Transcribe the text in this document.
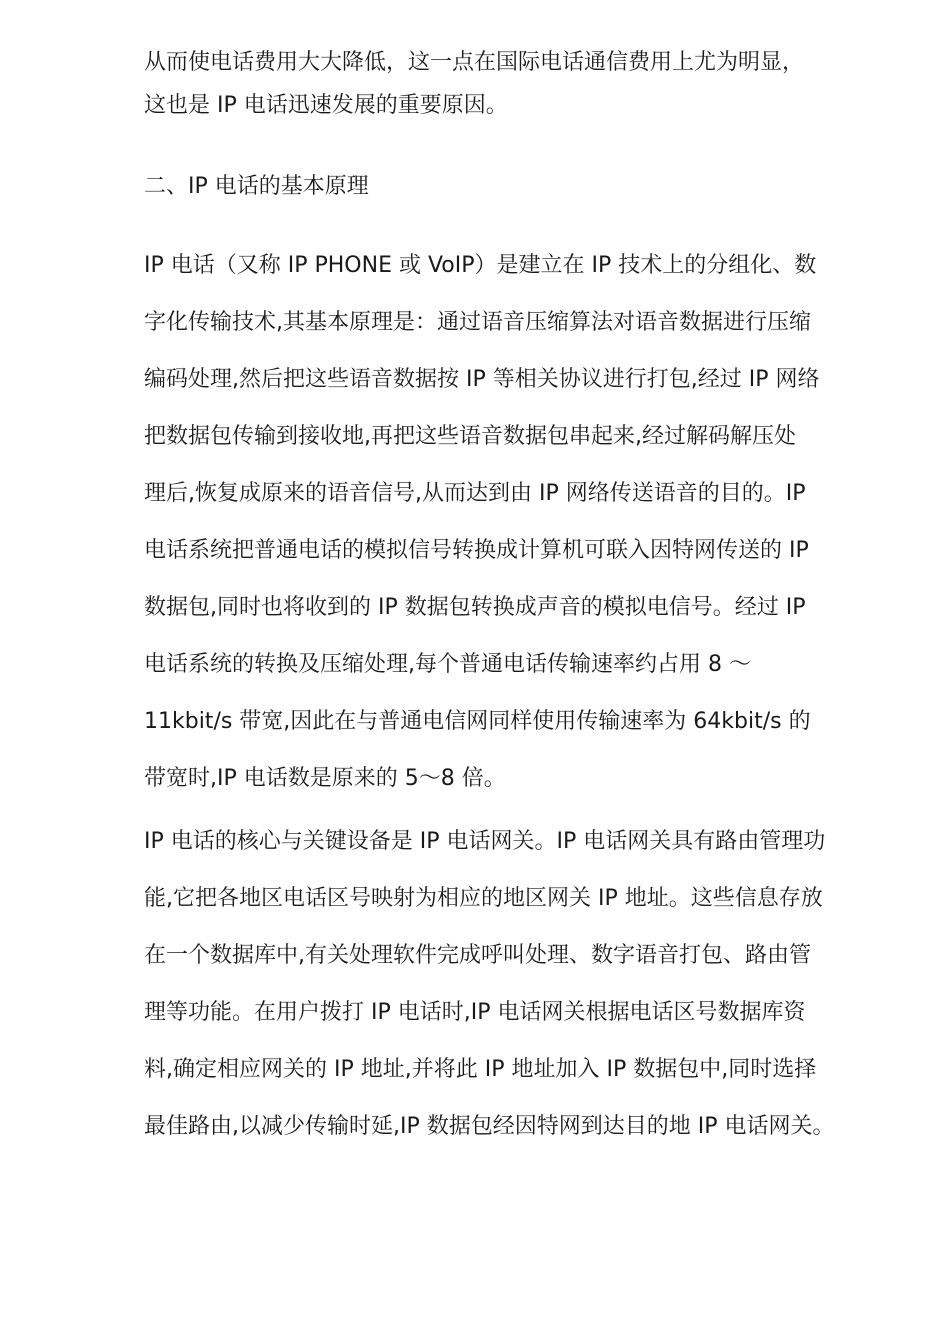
从而使电话费用大大降低，这一点在国际电话通信费用上尤为明显，
这也是 IP 电话迅速发展的重要原因。
二、IP 电话的基本原理
IP 电话（又称 IP PHONE 或 VoIP）是建立在 IP 技术上的分组化、数
字化传输技术,其基本原理是：通过语音压缩算法对语音数据进行压缩
编码处理,然后把这些语音数据按 IP 等相关协议进行打包,经过 IP 网络
把数据包传输到接收地,再把这些语音数据包串起来,经过解码解压处
理后,恢复成原来的语音信号,从而达到由 IP 网络传送语音的目的。IP
电话系统把普通电话的模拟信号转换成计算机可联入因特网传送的 IP
数据包,同时也将收到的 IP 数据包转换成声音的模拟电信号。经过 IP
电话系统的转换及压缩处理,每个普通电话传输速率约占用 8 ～
11kbit/s 带宽,因此在与普通电信网同样使用传输速率为 64kbit/s 的
带宽时,IP 电话数是原来的 5～8 倍。
IP 电话的核心与关键设备是 IP 电话网关。IP 电话网关具有路由管理功
能,它把各地区电话区号映射为相应的地区网关 IP 地址。这些信息存放
在一个数据库中,有关处理软件完成呼叫处理、数字语音打包、路由管
理等功能。在用户拨打 IP 电话时,IP 电话网关根据电话区号数据库资
料,确定相应网关的 IP 地址,并将此 IP 地址加入 IP 数据包中,同时选择
最佳路由,以减少传输时延,IP 数据包经因特网到达目的地 IP 电话网关。
